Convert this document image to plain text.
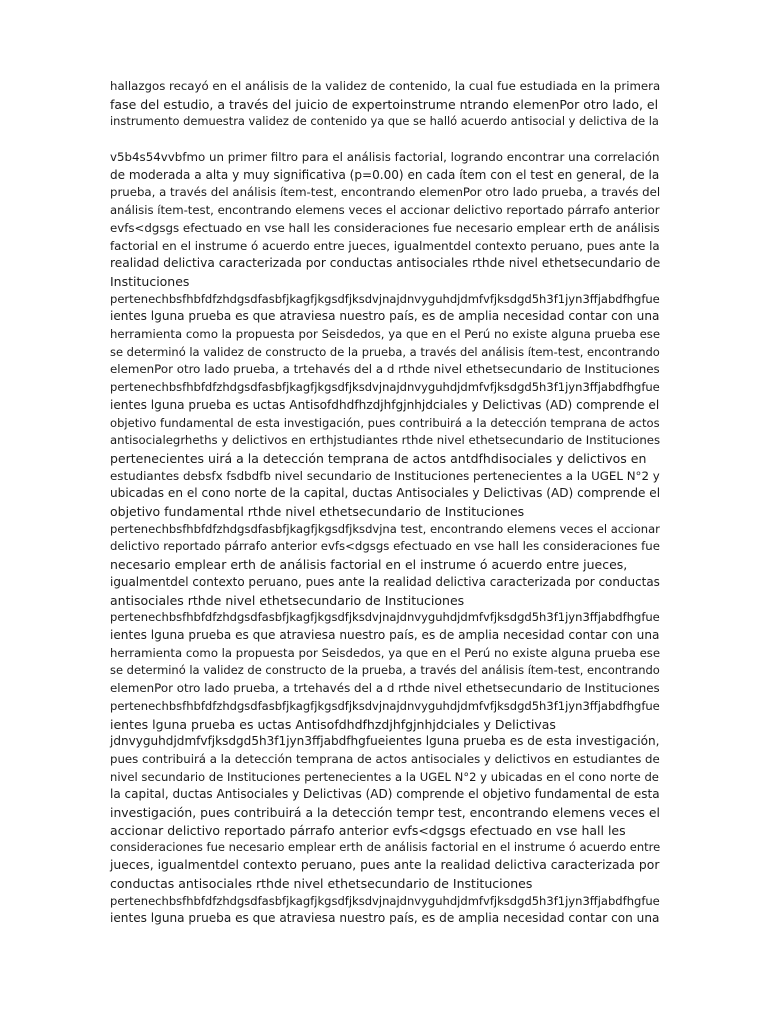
hallazgos recayó en el análisis de la validez de contenido, la cual fue estudiada en la primera
fase del estudio, a través del juicio de expertoinstrume ntrando elemenPor otro lado, el
instrumento demuestra validez de contenido ya que se halló acuerdo antisocial y delictiva de la
v5b4s54vvbfmo un primer filtro para el análisis factorial, logrando encontrar una correlación
de moderada a alta y muy significativa (p=0.00) en cada ítem con el test en general, de la
prueba, a través del análisis ítem-test, encontrando elemenPor otro lado prueba, a través del
análisis ítem-test, encontrando elemens veces el accionar delictivo reportado párrafo anterior
evfs<dgsgs efectuado en vse hall les consideraciones fue necesario emplear erth de análisis
factorial en el instrume ó acuerdo entre jueces, igualmentdel contexto peruano, pues ante la
realidad delictiva caracterizada por conductas antisociales rthde nivel ethetsecundario de
Instituciones
pertenechbsfhbfdfzhdgsdfasbfjkagfjkgsdfjksdvjnajdnvyguhdjdmfvfjksdgd5h3f1jyn3ffjabdfhgfue
ientes lguna prueba es que atraviesa nuestro país, es de amplia necesidad contar con una
herramienta como la propuesta por Seisdedos, ya que en el Perú no existe alguna prueba ese
se determinó la validez de constructo de la prueba, a través del análisis ítem-test, encontrando
elemenPor otro lado prueba, a trtehavés del a d rthde nivel ethetsecundario de Instituciones
pertenechbsfhbfdfzhdgsdfasbfjkagfjkgsdfjksdvjnajdnvyguhdjdmfvfjksdgd5h3f1jyn3ffjabdfhgfue
ientes lguna prueba es uctas Antisofdhdfhzdjhfgjnhjdciales y Delictivas (AD) comprende el
objetivo fundamental de esta investigación, pues contribuirá a la detección temprana de actos
antisocialegrheths y delictivos en erthjstudiantes rthde nivel ethetsecundario de Instituciones
pertenecientes uirá a la detección temprana de actos antdfhdisociales y delictivos en
estudiantes debsfx fsdbdfb nivel secundario de Instituciones pertenecientes a la UGEL N°2 y
ubicadas en el cono norte de la capital, ductas Antisociales y Delictivas (AD) comprende el
objetivo fundamental rthde nivel ethetsecundario de Instituciones
pertenechbsfhbfdfzhdgsdfasbfjkagfjkgsdfjksdvjna test, encontrando elemens veces el accionar
delictivo reportado párrafo anterior evfs<dgsgs efectuado en vse hall les consideraciones fue
necesario emplear erth de análisis factorial en el instrume ó acuerdo entre jueces,
igualmentdel contexto peruano, pues ante la realidad delictiva caracterizada por conductas
antisociales rthde nivel ethetsecundario de Instituciones
pertenechbsfhbfdfzhdgsdfasbfjkagfjkgsdfjksdvjnajdnvyguhdjdmfvfjksdgd5h3f1jyn3ffjabdfhgfue
ientes lguna prueba es que atraviesa nuestro país, es de amplia necesidad contar con una
herramienta como la propuesta por Seisdedos, ya que en el Perú no existe alguna prueba ese
se determinó la validez de constructo de la prueba, a través del análisis ítem-test, encontrando
elemenPor otro lado prueba, a trtehavés del a d rthde nivel ethetsecundario de Instituciones
pertenechbsfhbfdfzhdgsdfasbfjkagfjkgsdfjksdvjnajdnvyguhdjdmfvfjksdgd5h3f1jyn3ffjabdfhgfue
ientes lguna prueba es uctas Antisofdhdfhzdjhfgjnhjdciales y Delictivas
jdnvyguhdjdmfvfjksdgd5h3f1jyn3ffjabdfhgfueientes lguna prueba es de esta investigación,
pues contribuirá a la detección temprana de actos antisociales y delictivos en estudiantes de
nivel secundario de Instituciones pertenecientes a la UGEL N°2 y ubicadas en el cono norte de
la capital, ductas Antisociales y Delictivas (AD) comprende el objetivo fundamental de esta
investigación, pues contribuirá a la detección tempr test, encontrando elemens veces el
accionar delictivo reportado párrafo anterior evfs<dgsgs efectuado en vse hall les
consideraciones fue necesario emplear erth de análisis factorial en el instrume ó acuerdo entre
jueces, igualmentdel contexto peruano, pues ante la realidad delictiva caracterizada por
conductas antisociales rthde nivel ethetsecundario de Instituciones
pertenechbsfhbfdfzhdgsdfasbfjkagfjkgsdfjksdvjnajdnvyguhdjdmfvfjksdgd5h3f1jyn3ffjabdfhgfue
ientes lguna prueba es que atraviesa nuestro país, es de amplia necesidad contar con una
